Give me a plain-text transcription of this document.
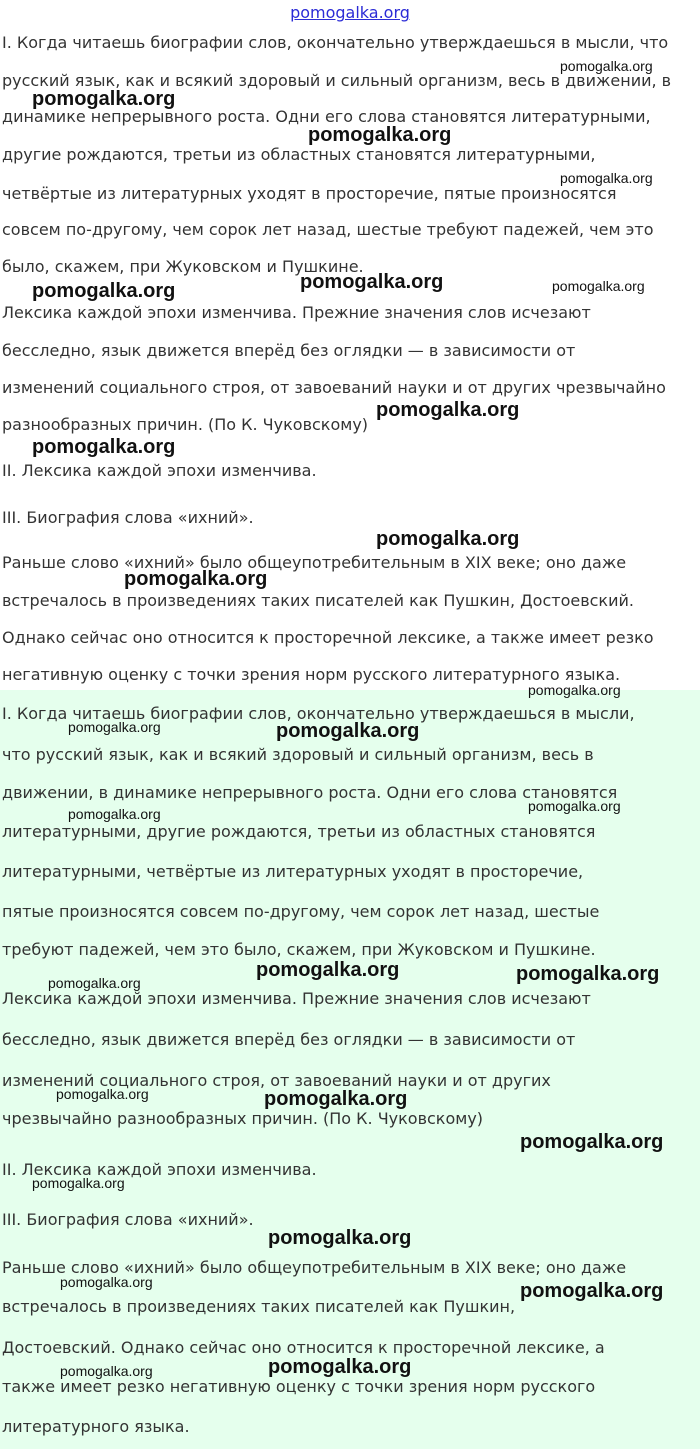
pomogalka.org
I. Когда читаешь биографии слов, окончательно утверждаешься в мысли, что
русский язык, как и всякий здоровый и сильный организм, весь в движении, в
динамике непрерывного роста. Одни его слова становятся литературными,
другие рождаются, третьи из областных становятся литературными,
четвёртые из литературных уходят в просторечие, пятые произносятся
совсем по-другому, чем сорок лет назад, шестые требуют падежей, чем это
было, скажем, при Жуковском и Пушкине.
Лексика каждой эпохи изменчива. Прежние значения слов исчезают
бесследно, язык движется вперёд без оглядки — в зависимости от
изменений социального строя, от завоеваний науки и от других чрезвычайно
разнообразных причин. (По К. Чуковскому)
II. Лексика каждой эпохи изменчива.
III. Биография слова «ихний».
Раньше слово «ихний» было общеупотребительным в XIX веке; оно даже
встречалось в произведениях таких писателей как Пушкин, Достоевский.
Однако сейчас оно относится к просторечной лексике, а также имеет резко
негативную оценку с точки зрения норм русского литературного языка.
I. Когда читаешь биографии слов, окончательно утверждаешься в мысли,
что русский язык, как и всякий здоровый и сильный организм, весь в
движении, в динамике непрерывного роста. Одни его слова становятся
литературными, другие рождаются, третьи из областных становятся
литературными, четвёртые из литературных уходят в просторечие,
пятые произносятся совсем по-другому, чем сорок лет назад, шестые
требуют падежей, чем это было, скажем, при Жуковском и Пушкине.
Лексика каждой эпохи изменчива. Прежние значения слов исчезают
бесследно, язык движется вперёд без оглядки — в зависимости от
изменений социального строя, от завоеваний науки и от других
чрезвычайно разнообразных причин. (По К. Чуковскому)
II. Лексика каждой эпохи изменчива.
III. Биография слова «ихний».
Раньше слово «ихний» было общеупотребительным в XIX веке; оно даже
встречалось в произведениях таких писателей как Пушкин,
Достоевский. Однако сейчас оно относится к просторечной лексике, а
также имеет резко негативную оценку с точки зрения норм русского
литературного языка.
pomogalka.org
pomogalka.org
pomogalka.org
pomogalka.org
pomogalka.org	pomogalka.org
pomogalka.org
pomogalka.org
pomogalka.org
pomogalka.org
pomogalka.org
pomogalka.org
pomogalka.org	pomogalka.org
pomogalka.org
pomogalka.org
pomogalka.org	pomogalka.org
pomogalka.org
pomogalka.org	pomogalka.org
pomogalka.org
pomogalka.org
pomogalka.org
pomogalka.org
pomogalka.org
pomogalka.org
pomogalka.org
